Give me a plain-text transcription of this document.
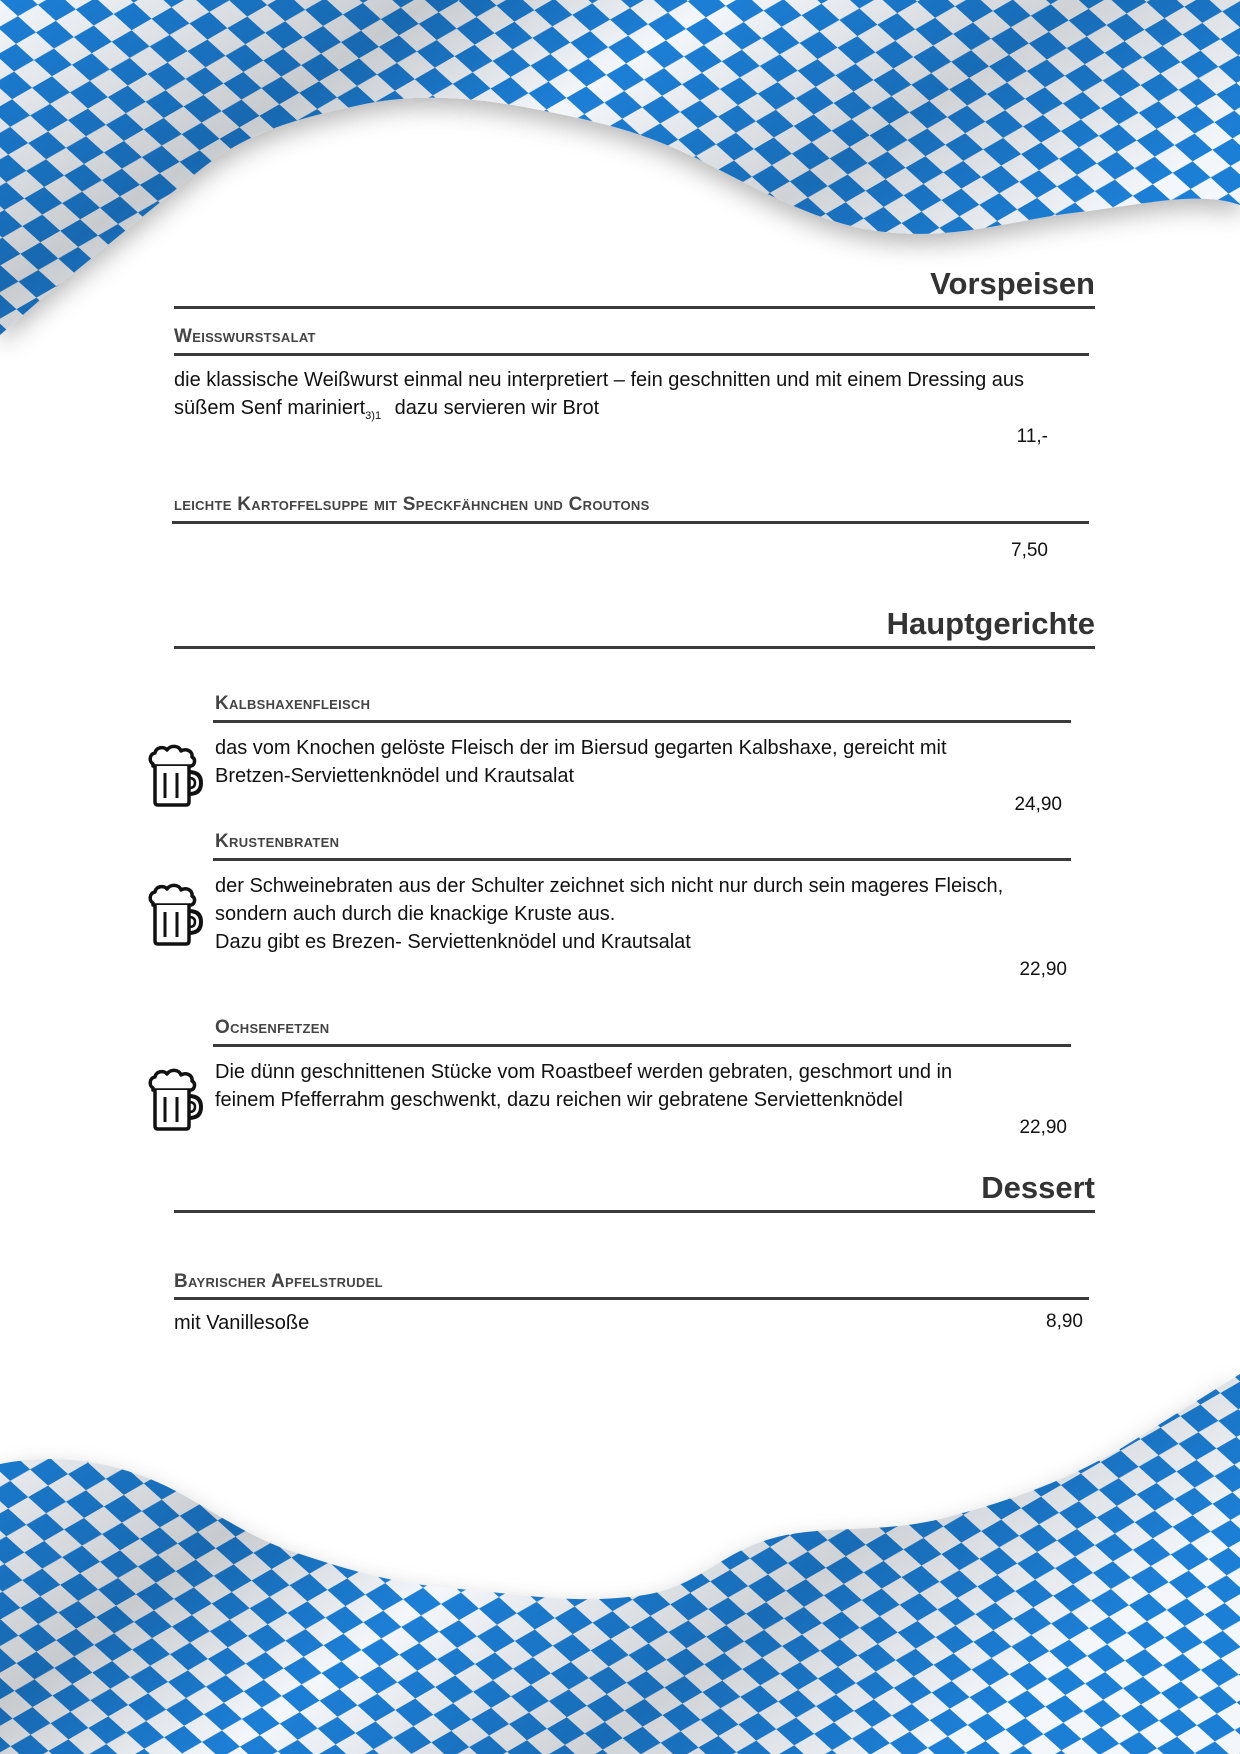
Vorspeisen
Weißwurstsalat

die klassische Weißwurst einmal neu interpretiert – fein geschnitten und mit einem Dressing aus
süßem Senf mariniert$_{3)1}$ dazu servieren wir Brot

11,-
leichte Kartoffelsuppe mit Speckfähnchen und Croutons
7,50
Hauptgerichte
Kalbshaxenfleisch

das vom Knochen gelöste Fleisch der im Biersud gegarten Kalbshaxe, gereicht mit
Bretzen-Serviettenknödel und Krautsalat

24,90
Krustenbraten

der Schweinebraten aus der Schulter zeichnet sich nicht nur durch sein mageres Fleisch,
sondern auch durch die knackige Kruste aus.
Dazu gibt es Brezen- Serviettenknödel und Krautsalat

22,90
Ochsenfetzen

Die dünn geschnittenen Stücke vom Roastbeef werden gebraten, geschmort und in
feinem Pfefferrahm geschwenkt, dazu reichen wir gebratene Serviettenknödel

22,90
Dessert
Bayrischer Apfelstrudel

mit Vanillesoße	8,90
